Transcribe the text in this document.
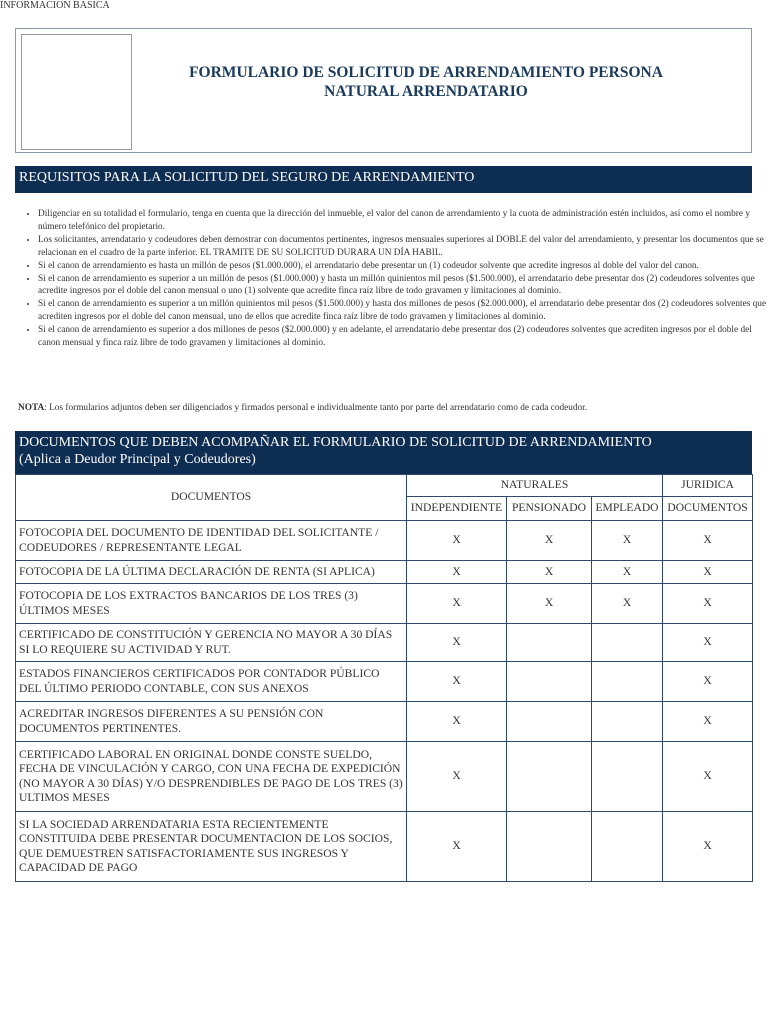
INFORMACION BASICA
FORMULARIO DE SOLICITUD DE ARRENDAMIENTO PERSONA
NATURAL ARRENDATARIO
REQUISITOS PARA LA SOLICITUD DEL SEGURO DE ARRENDAMIENTO
• Diligenciar en su totalidad el formulario, tenga en cuenta que la dirección del inmueble, el valor del canon de arrendamiento y la cuota de administración estén incluidos, así como el nombre y número telefónico del propietario.
• Los solicitantes, arrendatario y codeudores deben demostrar con documentos pertinentes, ingresos mensuales superiores al DOBLE del valor del arrendamiento, y presentar los documentos que se relacionan en el cuadro de la parte inferior. EL TRAMITE DE SU SOLICITUD DURARA UN DÍA HABIL.
• Si el canon de arrendamiento es hasta un millón de pesos ($1.000.000), el arrendatario debe presentar un (1) codeudor solvente que acredite ingresos al doble del valor del canon.
• Si el canon de arrendamiento es superior a un millón de pesos ($1.000.000) y hasta un millón quinientos mil pesos ($1.500.000), el arrendatario debe presentar dos (2) codeudores solventes que acredite ingresos por el doble del canon mensual o uno (1) solvente que acredite finca raíz libre de todo gravamen y limitaciones al dominio.
• Si el canon de arrendamiento es superior a un millón quinientos mil pesos ($1.500.000) y hasta dos millones de pesos ($2.000.000), el arrendatario debe presentar dos (2) codeudores solventes que acrediten ingresos por el doble del canon mensual, uno de ellos que acredite finca raíz libre de todo gravamen y limitaciones al dominio.
• Si el canon de arrendamiento es superior a dos millones de pesos ($2.000.000) y en adelante, el arrendatario debe presentar dos (2) codeudores solventes que acrediten ingresos por el doble del canon mensual y finca raíz libre de todo gravamen y limitaciones al dominio.
NOTA: Los formularios adjuntos deben ser diligenciados y firmados personal e individualmente tanto por parte del arrendatario como de cada codeudor.
DOCUMENTOS QUE DEBEN ACOMPAÑAR EL FORMULARIO DE SOLICITUD DE ARRENDAMIENTO
(Aplica a Deudor Principal y Codeudores)
DOCUMENTOS	NATURALES			JURIDICA
	INDEPENDIENTE	PENSIONADO	EMPLEADO	DOCUMENTOS
FOTOCOPIA DEL DOCUMENTO DE IDENTIDAD DEL SOLICITANTE / CODEUDORES / REPRESENTANTE LEGAL	X	X	X	X
FOTOCOPIA DE LA ÚLTIMA DECLARACIÓN DE RENTA (SI APLICA)	X	X	X	X
FOTOCOPIA DE LOS EXTRACTOS BANCARIOS DE LOS TRES (3) ÚLTIMOS MESES	X	X	X	X
CERTIFICADO DE CONSTITUCIÓN Y GERENCIA NO MAYOR A 30 DÍAS SI LO REQUIERE SU ACTIVIDAD Y RUT.	X			X
ESTADOS FINANCIEROS CERTIFICADOS POR CONTADOR PÚBLICO DEL ÚLTIMO PERIODO CONTABLE, CON SUS ANEXOS	X			X
ACREDITAR INGRESOS DIFERENTES A SU PENSIÓN CON DOCUMENTOS PERTINENTES.	X			X
CERTIFICADO LABORAL EN ORIGINAL DONDE CONSTE SUELDO, FECHA DE VINCULACIÓN Y CARGO, CON UNA FECHA DE EXPEDICIÓN (NO MAYOR A 30 DÍAS) Y/O DESPRENDIBLES DE PAGO DE LOS TRES (3) ULTIMOS MESES	X			X
SI LA SOCIEDAD ARRENDATARIA ESTA RECIENTEMENTE CONSTITUIDA DEBE PRESENTAR DOCUMENTACION DE LOS SOCIOS, QUE DEMUESTREN SATISFACTORIAMENTE SUS INGRESOS Y CAPACIDAD DE PAGO	X			X
